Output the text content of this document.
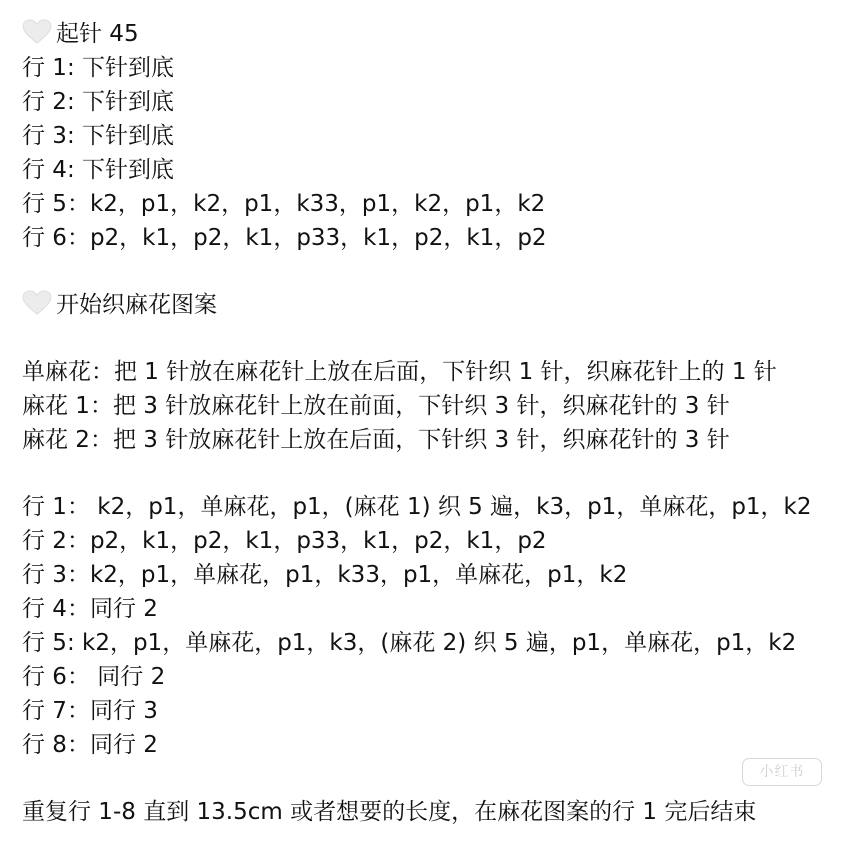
起针 45
行 1: 下针到底
行 2: 下针到底
行 3: 下针到底
行 4: 下针到底
行 5：k2，p1，k2，p1，k33，p1，k2，p1，k2
行 6：p2，k1，p2，k1，p33，k1，p2，k1，p2
开始织麻花图案
单麻花：把 1 针放在麻花针上放在后面，下针织 1 针，织麻花针上的 1 针
麻花 1：把 3 针放麻花针上放在前面，下针织 3 针，织麻花针的 3 针
麻花 2：把 3 针放麻花针上放在后面，下针织 3 针，织麻花针的 3 针
行 1： k2，p1，单麻花，p1，(麻花 1) 织 5 遍，k3，p1，单麻花，p1，k2
行 2：p2，k1，p2，k1，p33，k1，p2，k1，p2
行 3：k2，p1，单麻花，p1，k33，p1，单麻花，p1，k2
行 4：同行 2
行 5: k2，p1，单麻花，p1，k3，(麻花 2) 织 5 遍，p1，单麻花，p1，k2
行 6： 同行 2
行 7：同行 3
行 8：同行 2
重复行 1-8 直到 13.5cm 或者想要的长度，在麻花图案的行 1 完后结束
小红书
